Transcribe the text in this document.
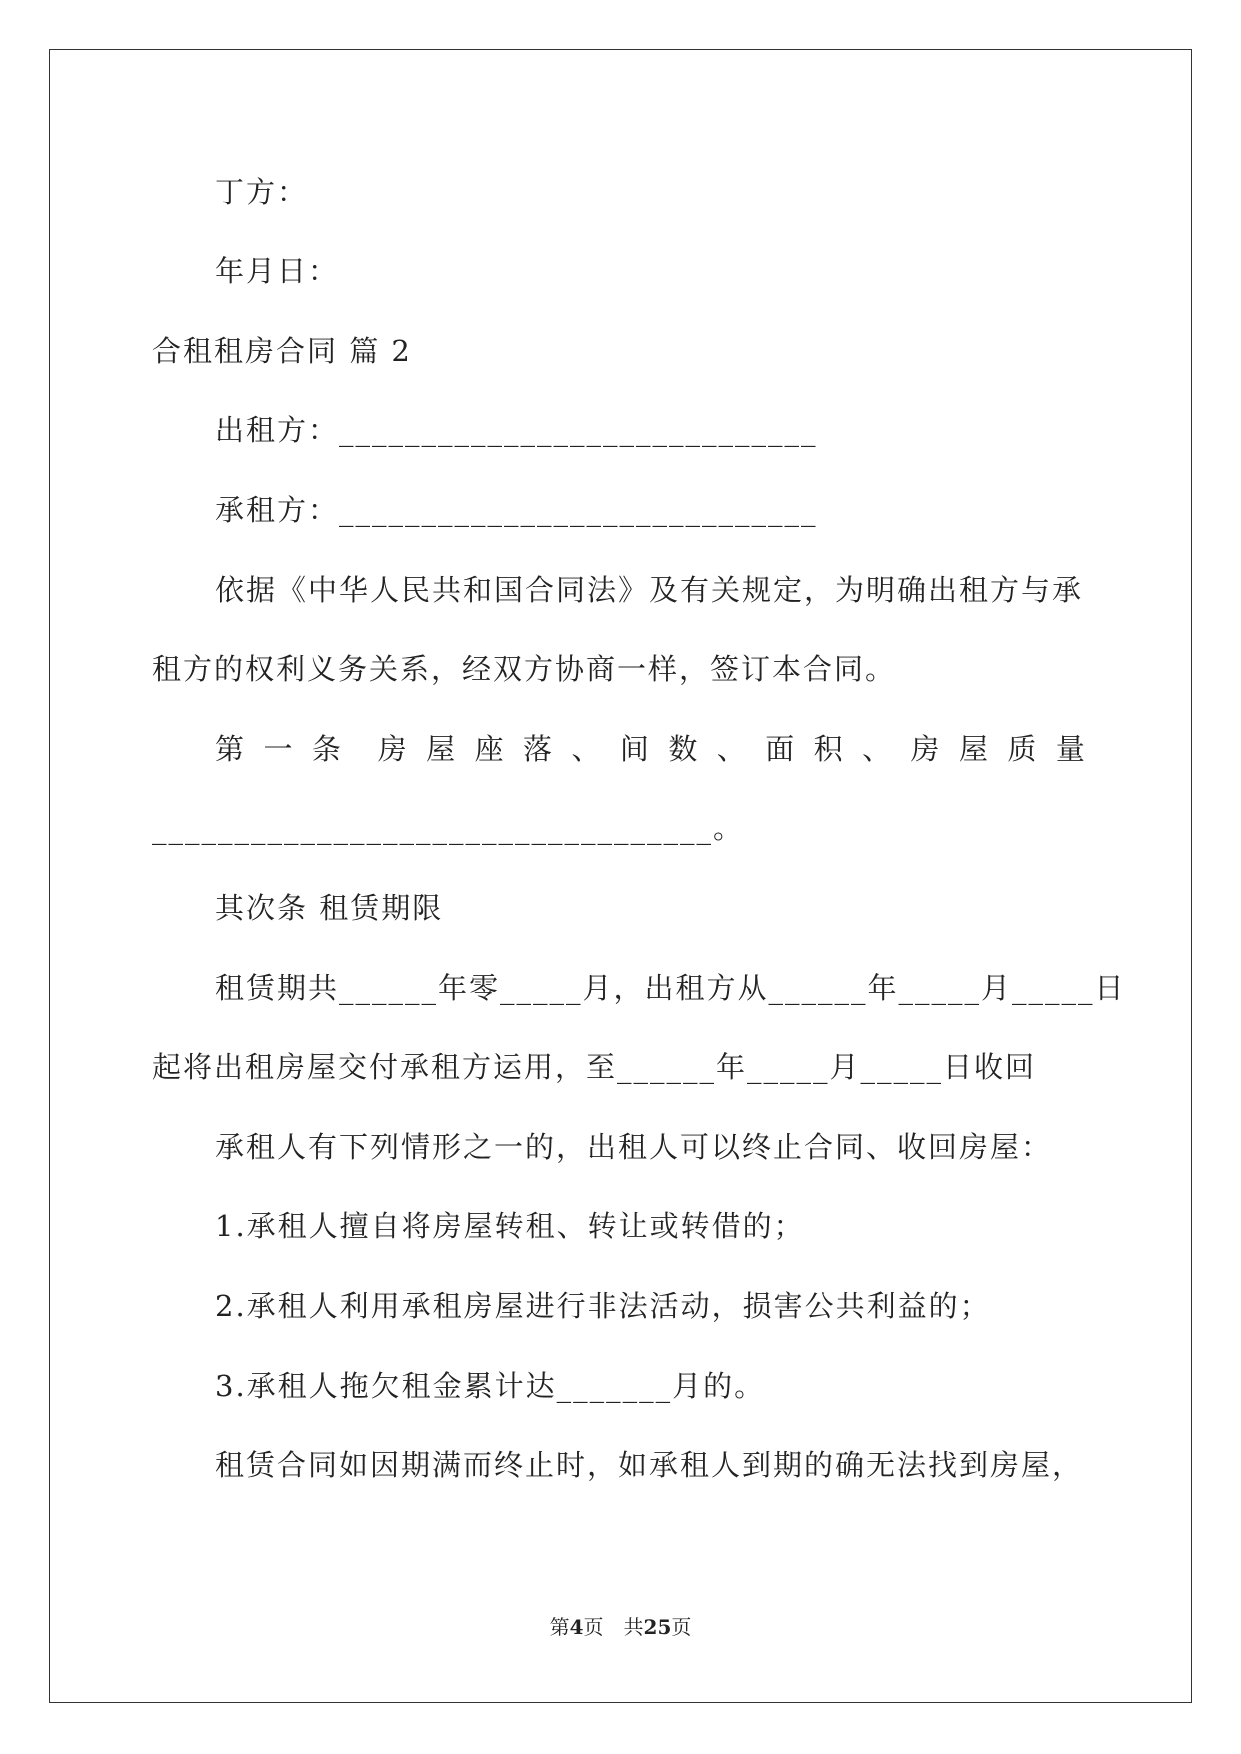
丁方：
年月日：
合租租房合同 篇 2
出租方：_____________________________
承租方：_____________________________
依据《中华人民共和国合同法》及有关规定，为明确出租方与承
租方的权利义务关系，经双方协商一样，签订本合同。
第 一 条 房 屋 座 落 、 间 数 、 面 积 、 房 屋 质 量
__________________________________。
其次条 租赁期限
租赁期共______年零_____月，出租方从______年_____月_____日
起将出租房屋交付承租方运用，至______年_____月_____日收回
承租人有下列情形之一的，出租人可以终止合同、收回房屋：
1.承租人擅自将房屋转租、转让或转借的；
2.承租人利用承租房屋进行非法活动，损害公共利益的；
3.承租人拖欠租金累计达_______月的。
租赁合同如因期满而终止时，如承租人到期的确无法找到房屋，
第4页　共25页
